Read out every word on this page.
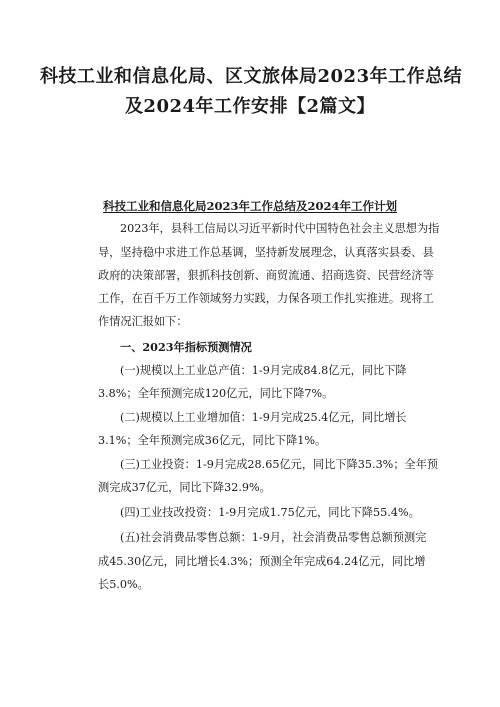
科技工业和信息化局、区文旅体局2023年工作总结
及2024年工作安排【2篇文】
科技工业和信息化局2023年工作总结及2024年工作计划
2023年，县科工信局以习近平新时代中国特色社会主义思想为指
导，坚持稳中求进工作总基调，坚持新发展理念，认真落实县委、县
政府的决策部署，狠抓科技创新、商贸流通、招商选资、民营经济等
工作，在百千万工作领域努力实践，力保各项工作扎实推进。现将工
作情况汇报如下：
一、2023年指标预测情况
(一)规模以上工业总产值：1-9月完成84.8亿元，同比下降
3.8%；全年预测完成120亿元，同比下降7%。
(二)规模以上工业增加值：1-9月完成25.4亿元，同比增长
3.1%；全年预测完成36亿元，同比下降1%。
(三)工业投资：1-9月完成28.65亿元，同比下降35.3%；全年预
测完成37亿元，同比下降32.9%。
(四)工业技改投资：1-9月完成1.75亿元，同比下降55.4%。
(五)社会消费品零售总额：1-9月，社会消费品零售总额预测完
成45.30亿元，同比增长4.3%；预测全年完成64.24亿元，同比增
长5.0%。
